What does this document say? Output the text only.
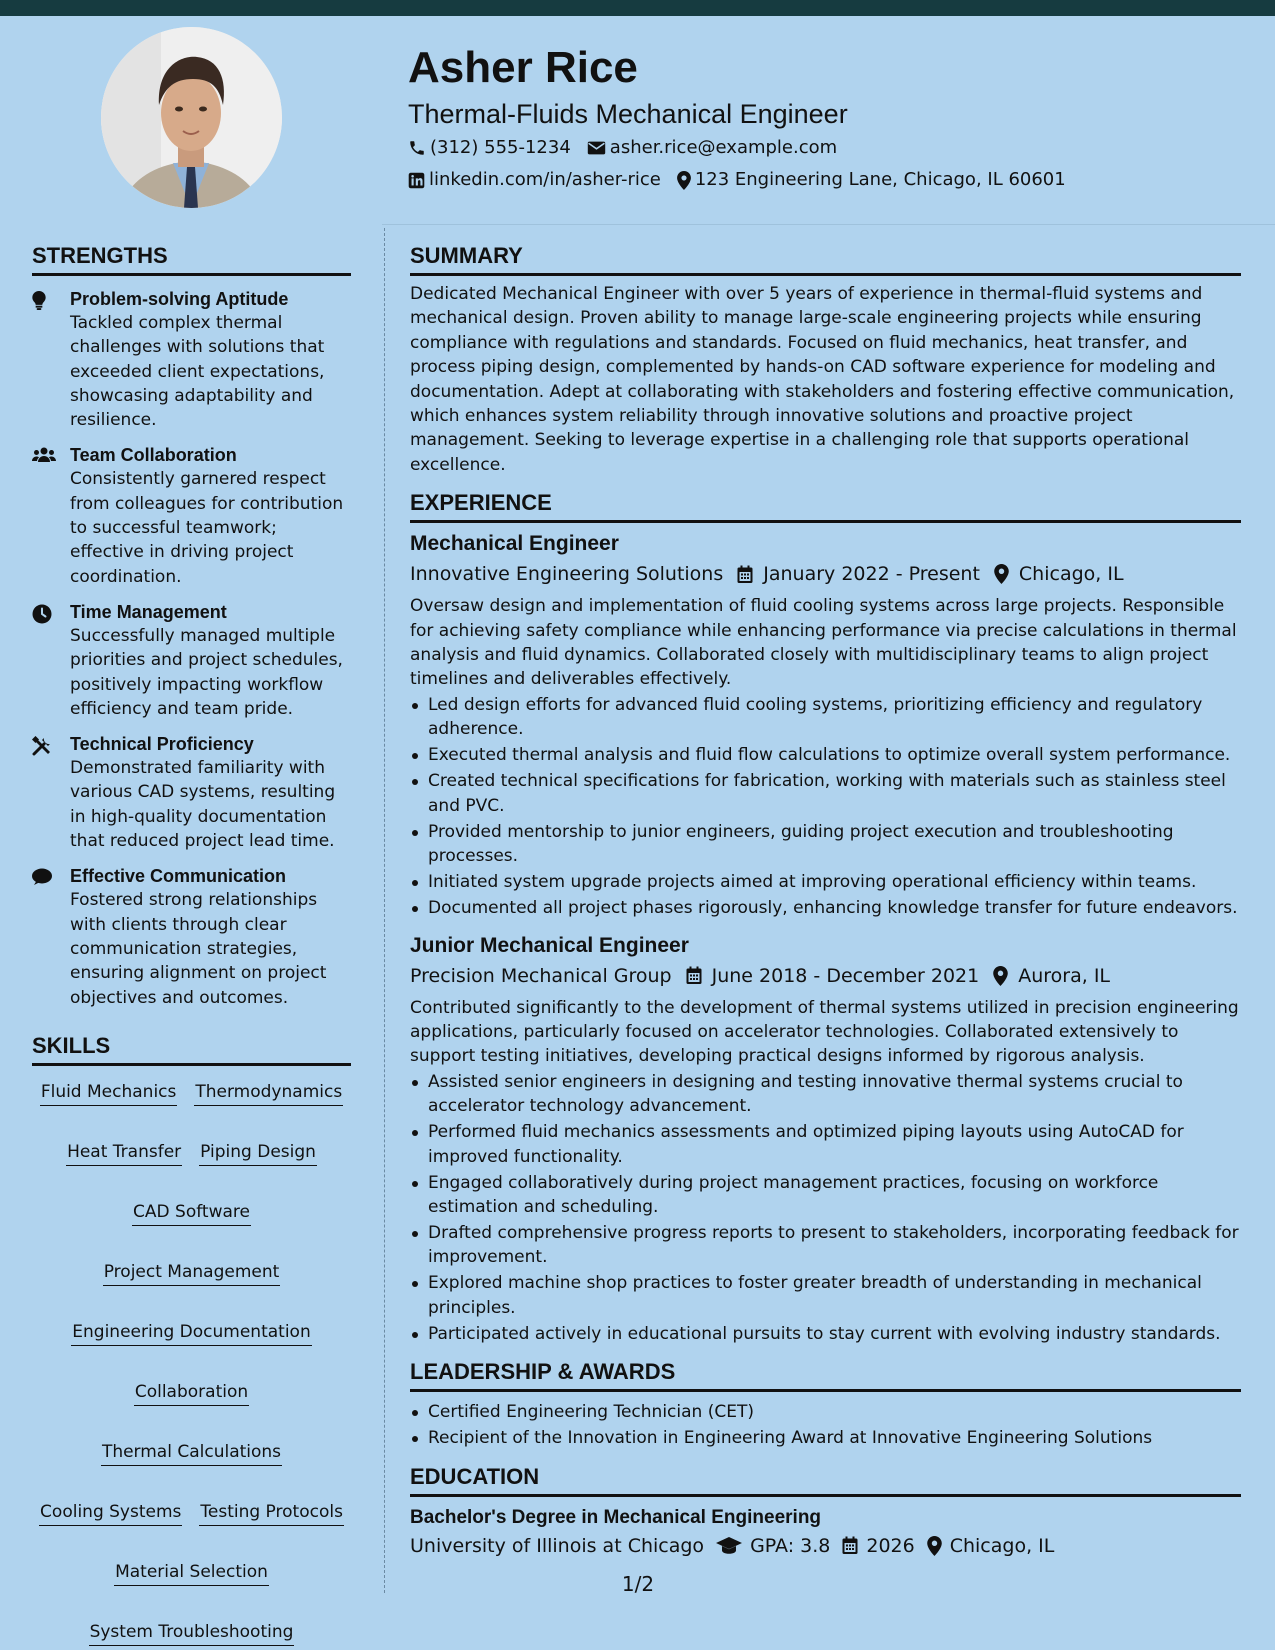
Asher Rice
Thermal-Fluids Mechanical Engineer
(312) 555-1234 asher.rice@example.com
linkedin.com/in/asher-rice 123 Engineering Lane, Chicago, IL 60601
STRENGTHS
Problem-solving Aptitude
Tackled complex thermal challenges with solutions that exceeded client expectations, showcasing adaptability and resilience.
Team Collaboration
Consistently garnered respect from colleagues for contribution to successful teamwork; effective in driving project coordination.
Time Management
Successfully managed multiple priorities and project schedules, positively impacting workflow efficiency and team pride.
Technical Proficiency
Demonstrated familiarity with various CAD systems, resulting in high-quality documentation that reduced project lead time.
Effective Communication
Fostered strong relationships with clients through clear communication strategies, ensuring alignment on project objectives and outcomes.
SKILLS
Fluid Mechanics Thermodynamics
Heat Transfer Piping Design
CAD Software
Project Management
Engineering Documentation
Collaboration
Thermal Calculations
Cooling Systems Testing Protocols
Material Selection
System Troubleshooting
SUMMARY
Dedicated Mechanical Engineer with over 5 years of experience in thermal-fluid systems and mechanical design. Proven ability to manage large-scale engineering projects while ensuring compliance with regulations and standards. Focused on fluid mechanics, heat transfer, and process piping design, complemented by hands-on CAD software experience for modeling and documentation. Adept at collaborating with stakeholders and fostering effective communication, which enhances system reliability through innovative solutions and proactive project management. Seeking to leverage expertise in a challenging role that supports operational excellence.
EXPERIENCE
Mechanical Engineer
Innovative Engineering Solutions January 2022 - Present Chicago, IL
Oversaw design and implementation of fluid cooling systems across large projects. Responsible for achieving safety compliance while enhancing performance via precise calculations in thermal analysis and fluid dynamics. Collaborated closely with multidisciplinary teams to align project timelines and deliverables effectively.
Led design efforts for advanced fluid cooling systems, prioritizing efficiency and regulatory adherence.
Executed thermal analysis and fluid flow calculations to optimize overall system performance.
Created technical specifications for fabrication, working with materials such as stainless steel and PVC.
Provided mentorship to junior engineers, guiding project execution and troubleshooting processes.
Initiated system upgrade projects aimed at improving operational efficiency within teams.
Documented all project phases rigorously, enhancing knowledge transfer for future endeavors.
Junior Mechanical Engineer
Precision Mechanical Group June 2018 - December 2021 Aurora, IL
Contributed significantly to the development of thermal systems utilized in precision engineering applications, particularly focused on accelerator technologies. Collaborated extensively to support testing initiatives, developing practical designs informed by rigorous analysis.
Assisted senior engineers in designing and testing innovative thermal systems crucial to accelerator technology advancement.
Performed fluid mechanics assessments and optimized piping layouts using AutoCAD for improved functionality.
Engaged collaboratively during project management practices, focusing on workforce estimation and scheduling.
Drafted comprehensive progress reports to present to stakeholders, incorporating feedback for improvement.
Explored machine shop practices to foster greater breadth of understanding in mechanical principles.
Participated actively in educational pursuits to stay current with evolving industry standards.
LEADERSHIP & AWARDS
Certified Engineering Technician (CET)
Recipient of the Innovation in Engineering Award at Innovative Engineering Solutions
EDUCATION
Bachelor's Degree in Mechanical Engineering
University of Illinois at Chicago GPA: 3.8 2026 Chicago, IL
1/2
